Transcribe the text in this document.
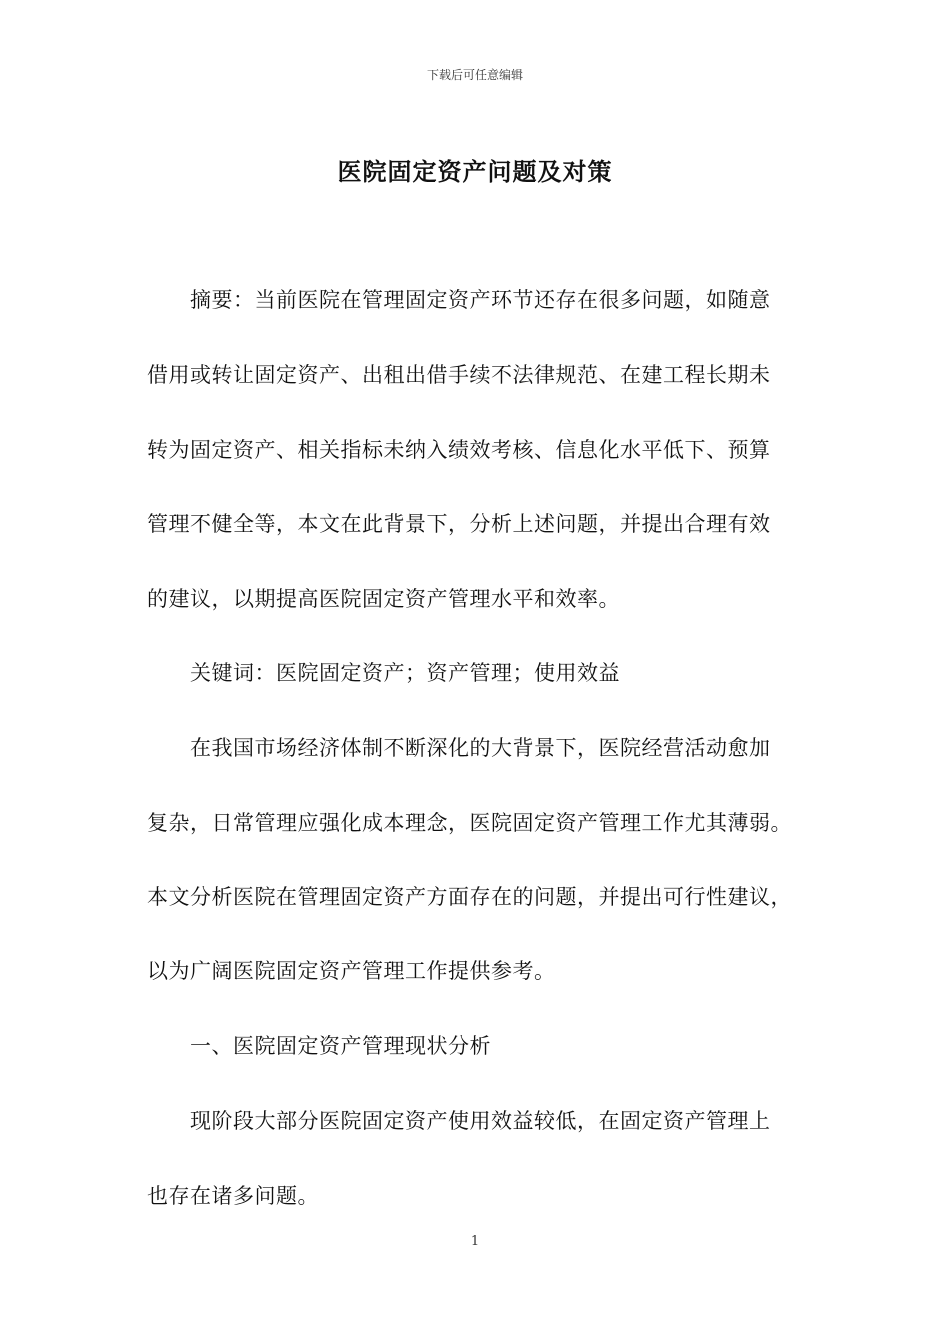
下载后可任意编辑
医院固定资产问题及对策
摘要：当前医院在管理固定资产环节还存在很多问题，如随意
借用或转让固定资产、出租出借手续不法律规范、在建工程长期未
转为固定资产、相关指标未纳入绩效考核、信息化水平低下、预算
管理不健全等，本文在此背景下，分析上述问题，并提出合理有效
的建议，以期提高医院固定资产管理水平和效率。
关键词：医院固定资产；资产管理；使用效益
在我国市场经济体制不断深化的大背景下，医院经营活动愈加
复杂，日常管理应强化成本理念，医院固定资产管理工作尤其薄弱。
本文分析医院在管理固定资产方面存在的问题，并提出可行性建议，
以为广阔医院固定资产管理工作提供参考。
一、医院固定资产管理现状分析
现阶段大部分医院固定资产使用效益较低，在固定资产管理上
也存在诸多问题。
1
